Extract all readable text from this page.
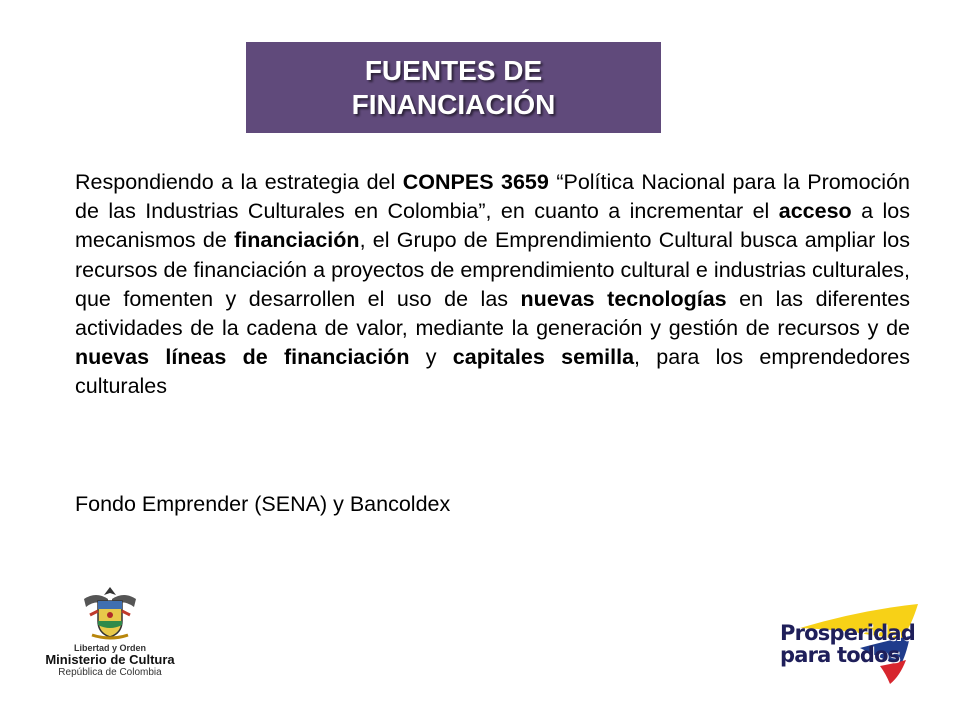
FUENTES DE
FINANCIACIÓN
Respondiendo a la estrategia del CONPES 3659 “Política Nacional para la Promoción de las Industrias Culturales en Colombia”, en cuanto a incrementar el acceso a los mecanismos de financiación, el Grupo de Emprendimiento Cultural busca ampliar los recursos de financiación a proyectos de emprendimiento cultural e industrias culturales, que fomenten y desarrollen el uso de las nuevas tecnologías en las diferentes actividades de la cadena de valor, mediante la generación y gestión de recursos y de nuevas líneas de financiación y capitales semilla, para los emprendedores culturales
Fondo Emprender (SENA) y Bancoldex
Libertad y Orden
Ministerio de Cultura
República de Colombia
Prosperidad
para todos
